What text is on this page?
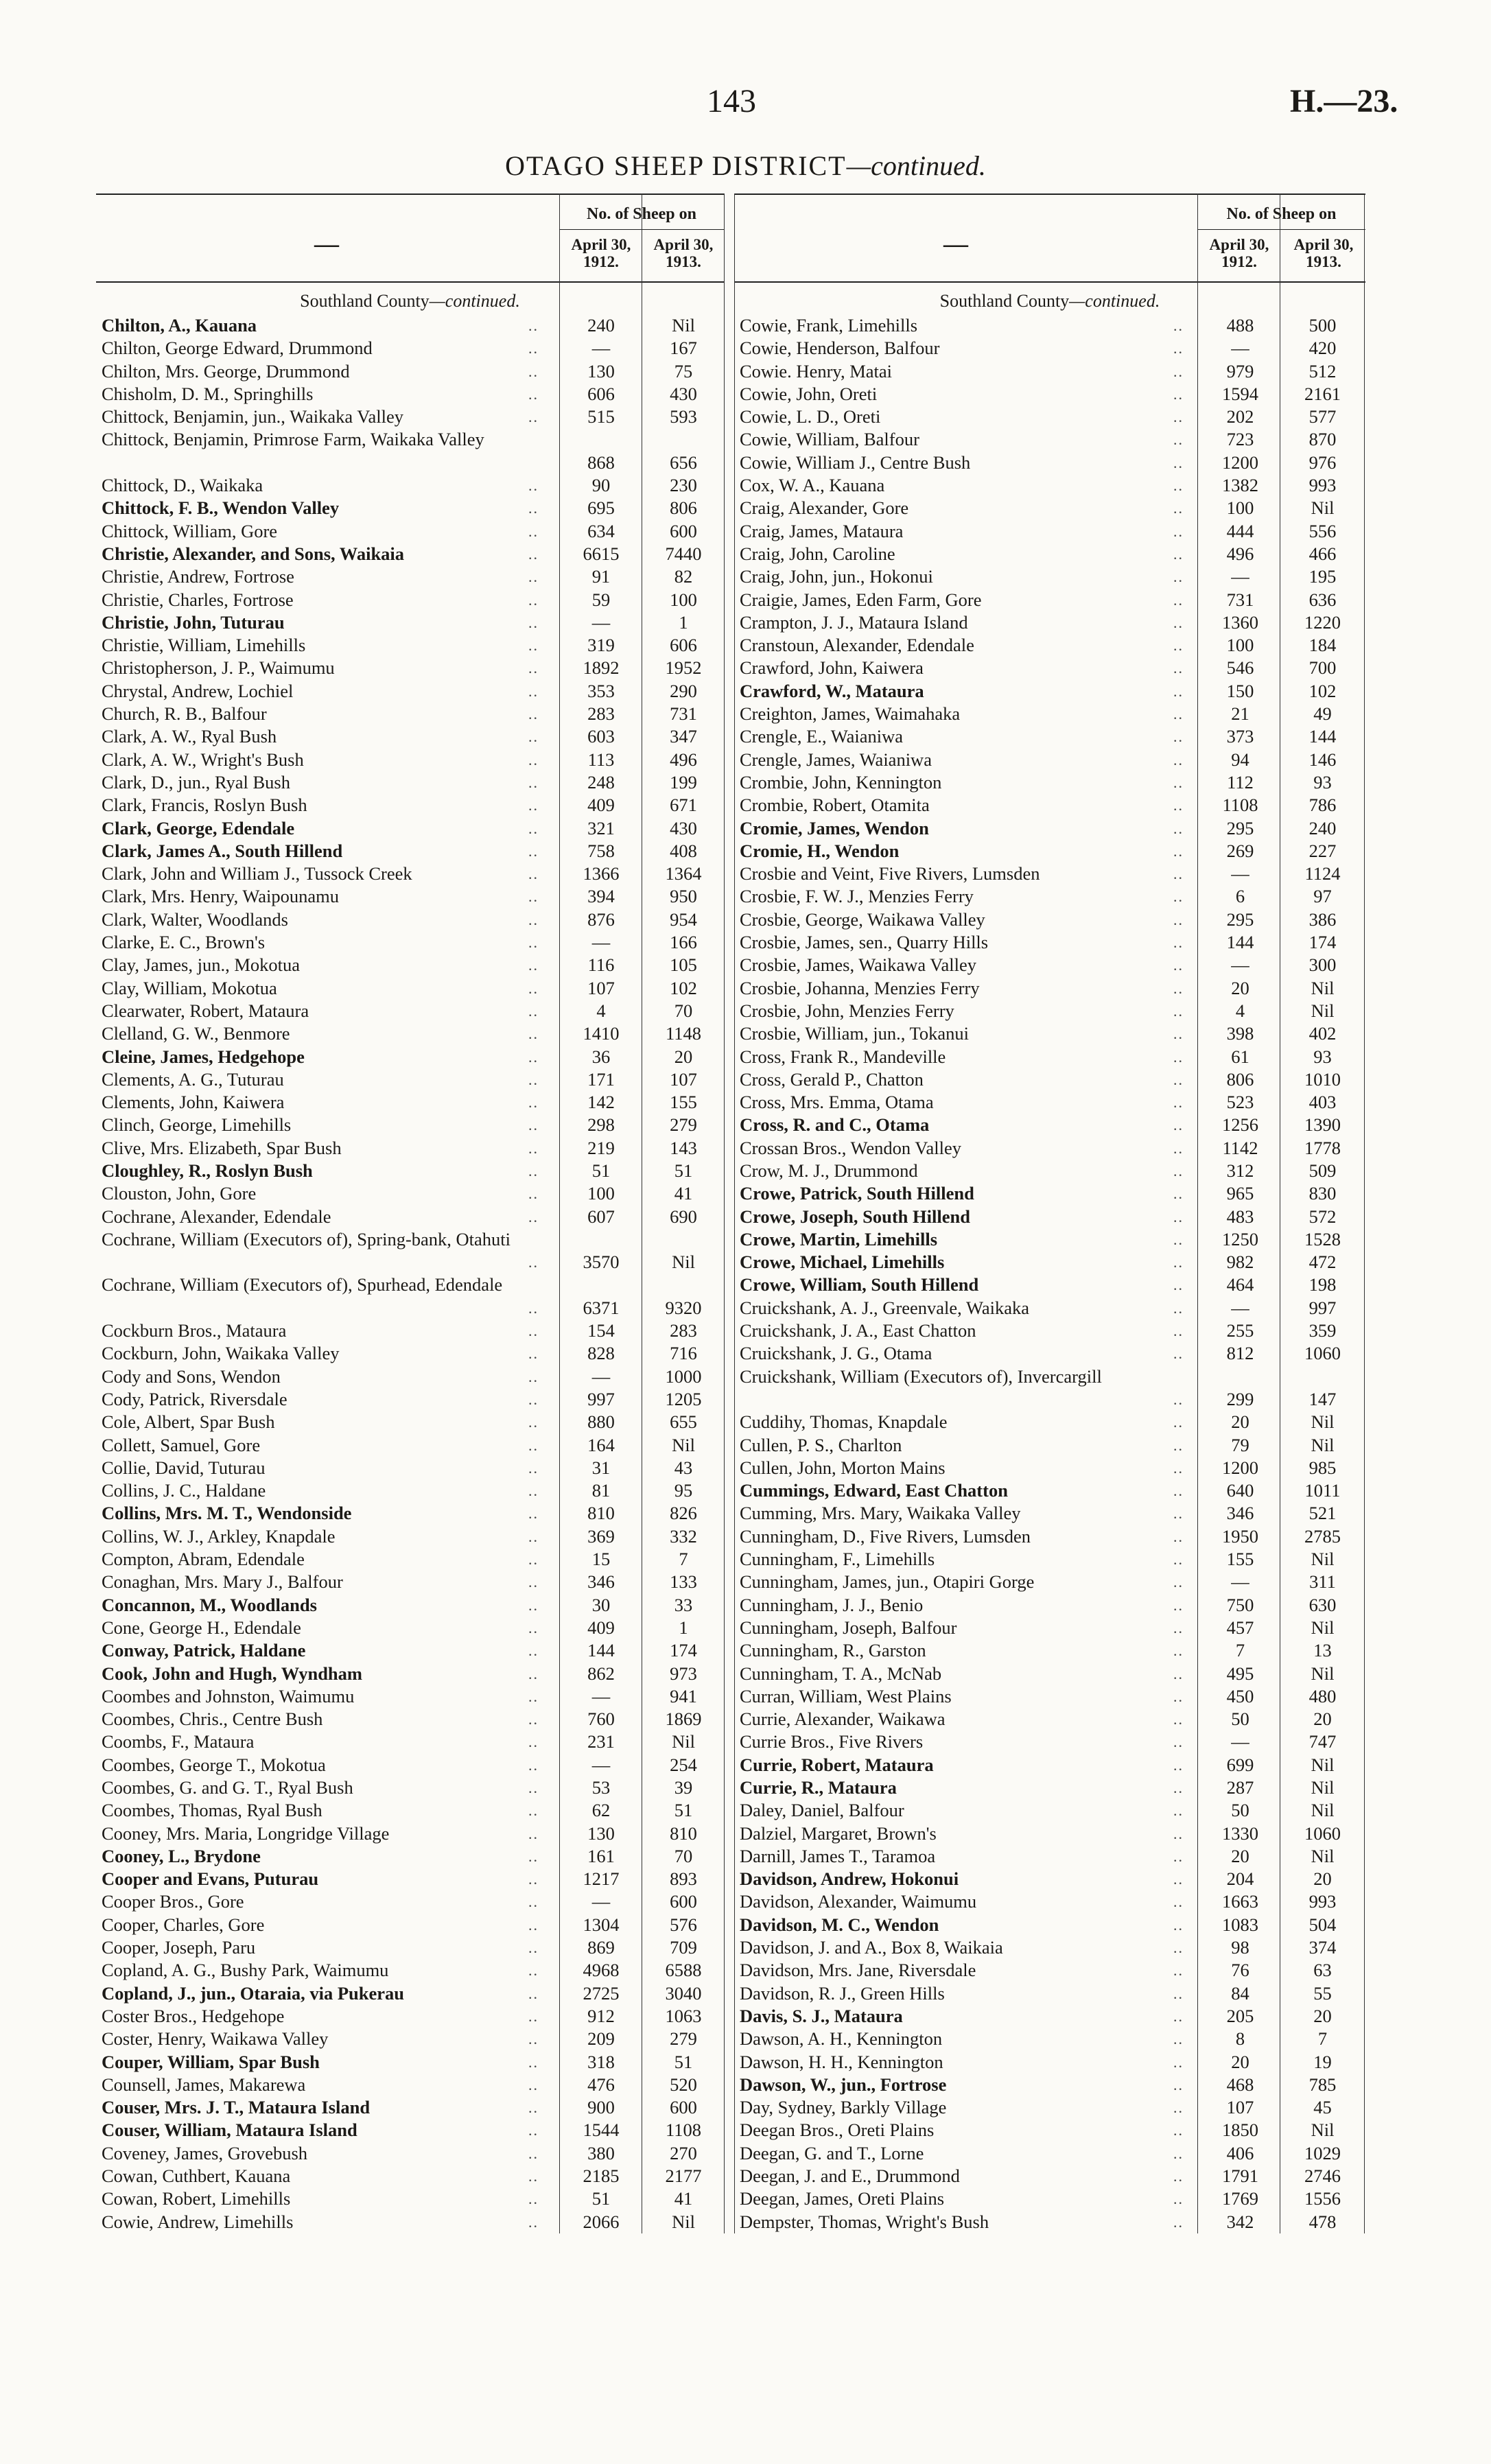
143	H.—23.
OTAGO SHEEP DISTRICT—continued.
—
No. of Sheep on
April 30, 1912.
April 30, 1913.
Southland County—continued.
Chilton, A., Kauana	..	240	Nil
Chilton, George Edward, Drummond	..	—	167
Chilton, Mrs. George, Drummond	..	130	75
Chisholm, D. M., Springhills	..	606	430
Chittock, Benjamin, jun., Waikaka Valley	..	515	593
Chittock, Benjamin, Primrose Farm, Waikaka Valley
868	656
Chittock, D., Waikaka	..	90	230
Chittock, F. B., Wendon Valley	..	695	806
Chittock, William, Gore	..	634	600
Christie, Alexander, and Sons, Waikaia	..	6615	7440
Christie, Andrew, Fortrose	..	91	82
Christie, Charles, Fortrose	..	59	100
Christie, John, Tuturau	..	—	1
Christie, William, Limehills	..	319	606
Christopherson, J. P., Waimumu	..	1892	1952
Chrystal, Andrew, Lochiel	..	353	290
Church, R. B., Balfour	..	283	731
Clark, A. W., Ryal Bush	..	603	347
Clark, A. W., Wright's Bush	..	113	496
Clark, D., jun., Ryal Bush	..	248	199
Clark, Francis, Roslyn Bush	..	409	671
Clark, George, Edendale	..	321	430
Clark, James A., South Hillend	..	758	408
Clark, John and William J., Tussock Creek	..	1366	1364
Clark, Mrs. Henry, Waipounamu	..	394	950
Clark, Walter, Woodlands	..	876	954
Clarke, E. C., Brown's	..	—	166
Clay, James, jun., Mokotua	..	116	105
Clay, William, Mokotua	..	107	102
Clearwater, Robert, Mataura	..	4	70
Clelland, G. W., Benmore	..	1410	1148
Cleine, James, Hedgehope	..	36	20
Clements, A. G., Tuturau	..	171	107
Clements, John, Kaiwera	..	142	155
Clinch, George, Limehills	..	298	279
Clive, Mrs. Elizabeth, Spar Bush	..	219	143
Cloughley, R., Roslyn Bush	..	51	51
Clouston, John, Gore	..	100	41
Cochrane, Alexander, Edendale	..	607	690
Cochrane, William (Executors of), Spring-bank, Otahuti
..	3570	Nil
Cochrane, William (Executors of), Spurhead, Edendale
..	6371	9320
Cockburn Bros., Mataura	..	154	283
Cockburn, John, Waikaka Valley	..	828	716
Cody and Sons, Wendon	..	—	1000
Cody, Patrick, Riversdale	..	997	1205
Cole, Albert, Spar Bush	..	880	655
Collett, Samuel, Gore	..	164	Nil
Collie, David, Tuturau	..	31	43
Collins, J. C., Haldane	..	81	95
Collins, Mrs. M. T., Wendonside	..	810	826
Collins, W. J., Arkley, Knapdale	..	369	332
Compton, Abram, Edendale	..	15	7
Conaghan, Mrs. Mary J., Balfour	..	346	133
Concannon, M., Woodlands	..	30	33
Cone, George H., Edendale	..	409	1
Conway, Patrick, Haldane	..	144	174
Cook, John and Hugh, Wyndham	..	862	973
Coombes and Johnston, Waimumu	..	—	941
Coombes, Chris., Centre Bush	..	760	1869
Coombs, F., Mataura	..	231	Nil
Coombes, George T., Mokotua	..	—	254
Coombes, G. and G. T., Ryal Bush	..	53	39
Coombes, Thomas, Ryal Bush	..	62	51
Cooney, Mrs. Maria, Longridge Village	..	130	810
Cooney, L., Brydone	..	161	70
Cooper and Evans, Puturau	..	1217	893
Cooper Bros., Gore	..	—	600
Cooper, Charles, Gore	..	1304	576
Cooper, Joseph, Paru	..	869	709
Copland, A. G., Bushy Park, Waimumu	..	4968	6588
Copland, J., jun., Otaraia, via Pukerau	..	2725	3040
Coster Bros., Hedgehope	..	912	1063
Coster, Henry, Waikawa Valley	..	209	279
Couper, William, Spar Bush	..	318	51
Counsell, James, Makarewa	..	476	520
Couser, Mrs. J. T., Mataura Island	..	900	600
Couser, William, Mataura Island	..	1544	1108
Coveney, James, Grovebush	..	380	270
Cowan, Cuthbert, Kauana	..	2185	2177
Cowan, Robert, Limehills	..	51	41
Cowie, Andrew, Limehills	..	2066	Nil
—
No. of Sheep on
April 30, 1912.
April 30, 1913.
Southland County—continued.
Cowie, Frank, Limehills	..	488	500
Cowie, Henderson, Balfour	..	—	420
Cowie. Henry, Matai	..	979	512
Cowie, John, Oreti	..	1594	2161
Cowie, L. D., Oreti	..	202	577
Cowie, William, Balfour	..	723	870
Cowie, William J., Centre Bush	..	1200	976
Cox, W. A., Kauana	..	1382	993
Craig, Alexander, Gore	..	100	Nil
Craig, James, Mataura	..	444	556
Craig, John, Caroline	..	496	466
Craig, John, jun., Hokonui	..	—	195
Craigie, James, Eden Farm, Gore	..	731	636
Crampton, J. J., Mataura Island	..	1360	1220
Cranstoun, Alexander, Edendale	..	100	184
Crawford, John, Kaiwera	..	546	700
Crawford, W., Mataura	..	150	102
Creighton, James, Waimahaka	..	21	49
Crengle, E., Waianiwa	..	373	144
Crengle, James, Waianiwa	..	94	146
Crombie, John, Kennington	..	112	93
Crombie, Robert, Otamita	..	1108	786
Cromie, James, Wendon	..	295	240
Cromie, H., Wendon	..	269	227
Crosbie and Veint, Five Rivers, Lumsden	..	—	1124
Crosbie, F. W. J., Menzies Ferry	..	6	97
Crosbie, George, Waikawa Valley	..	295	386
Crosbie, James, sen., Quarry Hills	..	144	174
Crosbie, James, Waikawa Valley	..	—	300
Crosbie, Johanna, Menzies Ferry	..	20	Nil
Crosbie, John, Menzies Ferry	..	4	Nil
Crosbie, William, jun., Tokanui	..	398	402
Cross, Frank R., Mandeville	..	61	93
Cross, Gerald P., Chatton	..	806	1010
Cross, Mrs. Emma, Otama	..	523	403
Cross, R. and C., Otama	..	1256	1390
Crossan Bros., Wendon Valley	..	1142	1778
Crow, M. J., Drummond	..	312	509
Crowe, Patrick, South Hillend	..	965	830
Crowe, Joseph, South Hillend	..	483	572
Crowe, Martin, Limehills	..	1250	1528
Crowe, Michael, Limehills	..	982	472
Crowe, William, South Hillend	..	464	198
Cruickshank, A. J., Greenvale, Waikaka	..	—	997
Cruickshank, J. A., East Chatton	..	255	359
Cruickshank, J. G., Otama	..	812	1060
Cruickshank, William (Executors of), Invercargill
..	299	147
Cuddihy, Thomas, Knapdale	..	20	Nil
Cullen, P. S., Charlton	..	79	Nil
Cullen, John, Morton Mains	..	1200	985
Cummings, Edward, East Chatton	..	640	1011
Cumming, Mrs. Mary, Waikaka Valley	..	346	521
Cunningham, D., Five Rivers, Lumsden	..	1950	2785
Cunningham, F., Limehills	..	155	Nil
Cunningham, James, jun., Otapiri Gorge	..	—	311
Cunningham, J. J., Benio	..	750	630
Cunningham, Joseph, Balfour	..	457	Nil
Cunningham, R., Garston	..	7	13
Cunningham, T. A., McNab	..	495	Nil
Curran, William, West Plains	..	450	480
Currie, Alexander, Waikawa	..	50	20
Currie Bros., Five Rivers	..	—	747
Currie, Robert, Mataura	..	699	Nil
Currie, R., Mataura	..	287	Nil
Daley, Daniel, Balfour	..	50	Nil
Dalziel, Margaret, Brown's	..	1330	1060
Darnill, James T., Taramoa	..	20	Nil
Davidson, Andrew, Hokonui	..	204	20
Davidson, Alexander, Waimumu	..	1663	993
Davidson, M. C., Wendon	..	1083	504
Davidson, J. and A., Box 8, Waikaia	..	98	374
Davidson, Mrs. Jane, Riversdale	..	76	63
Davidson, R. J., Green Hills	..	84	55
Davis, S. J., Mataura	..	205	20
Dawson, A. H., Kennington	..	8	7
Dawson, H. H., Kennington	..	20	19
Dawson, W., jun., Fortrose	..	468	785
Day, Sydney, Barkly Village	..	107	45
Deegan Bros., Oreti Plains	..	1850	Nil
Deegan, G. and T., Lorne	..	406	1029
Deegan, J. and E., Drummond	..	1791	2746
Deegan, James, Oreti Plains	..	1769	1556
Dempster, Thomas, Wright's Bush	..	342	478
